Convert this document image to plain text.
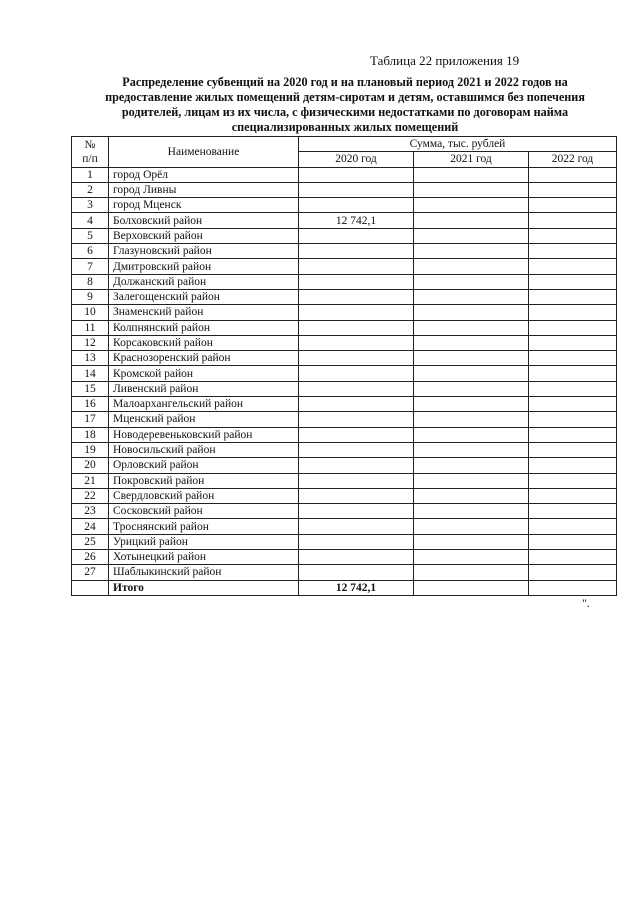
Таблица 22 приложения 19
Распределение субвенций на 2020 год и на плановый период 2021 и 2022 годов на
предоставление жилых помещений детям-сиротам и детям, оставшимся без попечения
родителей, лицам из их числа, с физическими недостатками по договорам найма
специализированных жилых помещений
№
п/п	Наименование	Сумма, тыс. рублей		
		2020 год	2021 год	2022 год
1	город Орёл			
2	город Ливны			
3	город Мценск			
4	Болховский район	12 742,1		
5	Верховский район			
6	Глазуновский район			
7	Дмитровский район			
8	Должанский район			
9	Залегощенский район			
10	Знаменский район			
11	Колпнянский район			
12	Корсаковский район			
13	Краснозоренский район			
14	Кромской район			
15	Ливенский район			
16	Малоархангельский район			
17	Мценский район			
18	Новодеревеньковский район			
19	Новосильский район			
20	Орловский район			
21	Покровский район			
22	Свердловский район			
23	Сосковский район			
24	Троснянский район			
25	Урицкий район			
26	Хотынецкий район			
27	Шаблыкинский район			
	Итого	12 742,1		
".
